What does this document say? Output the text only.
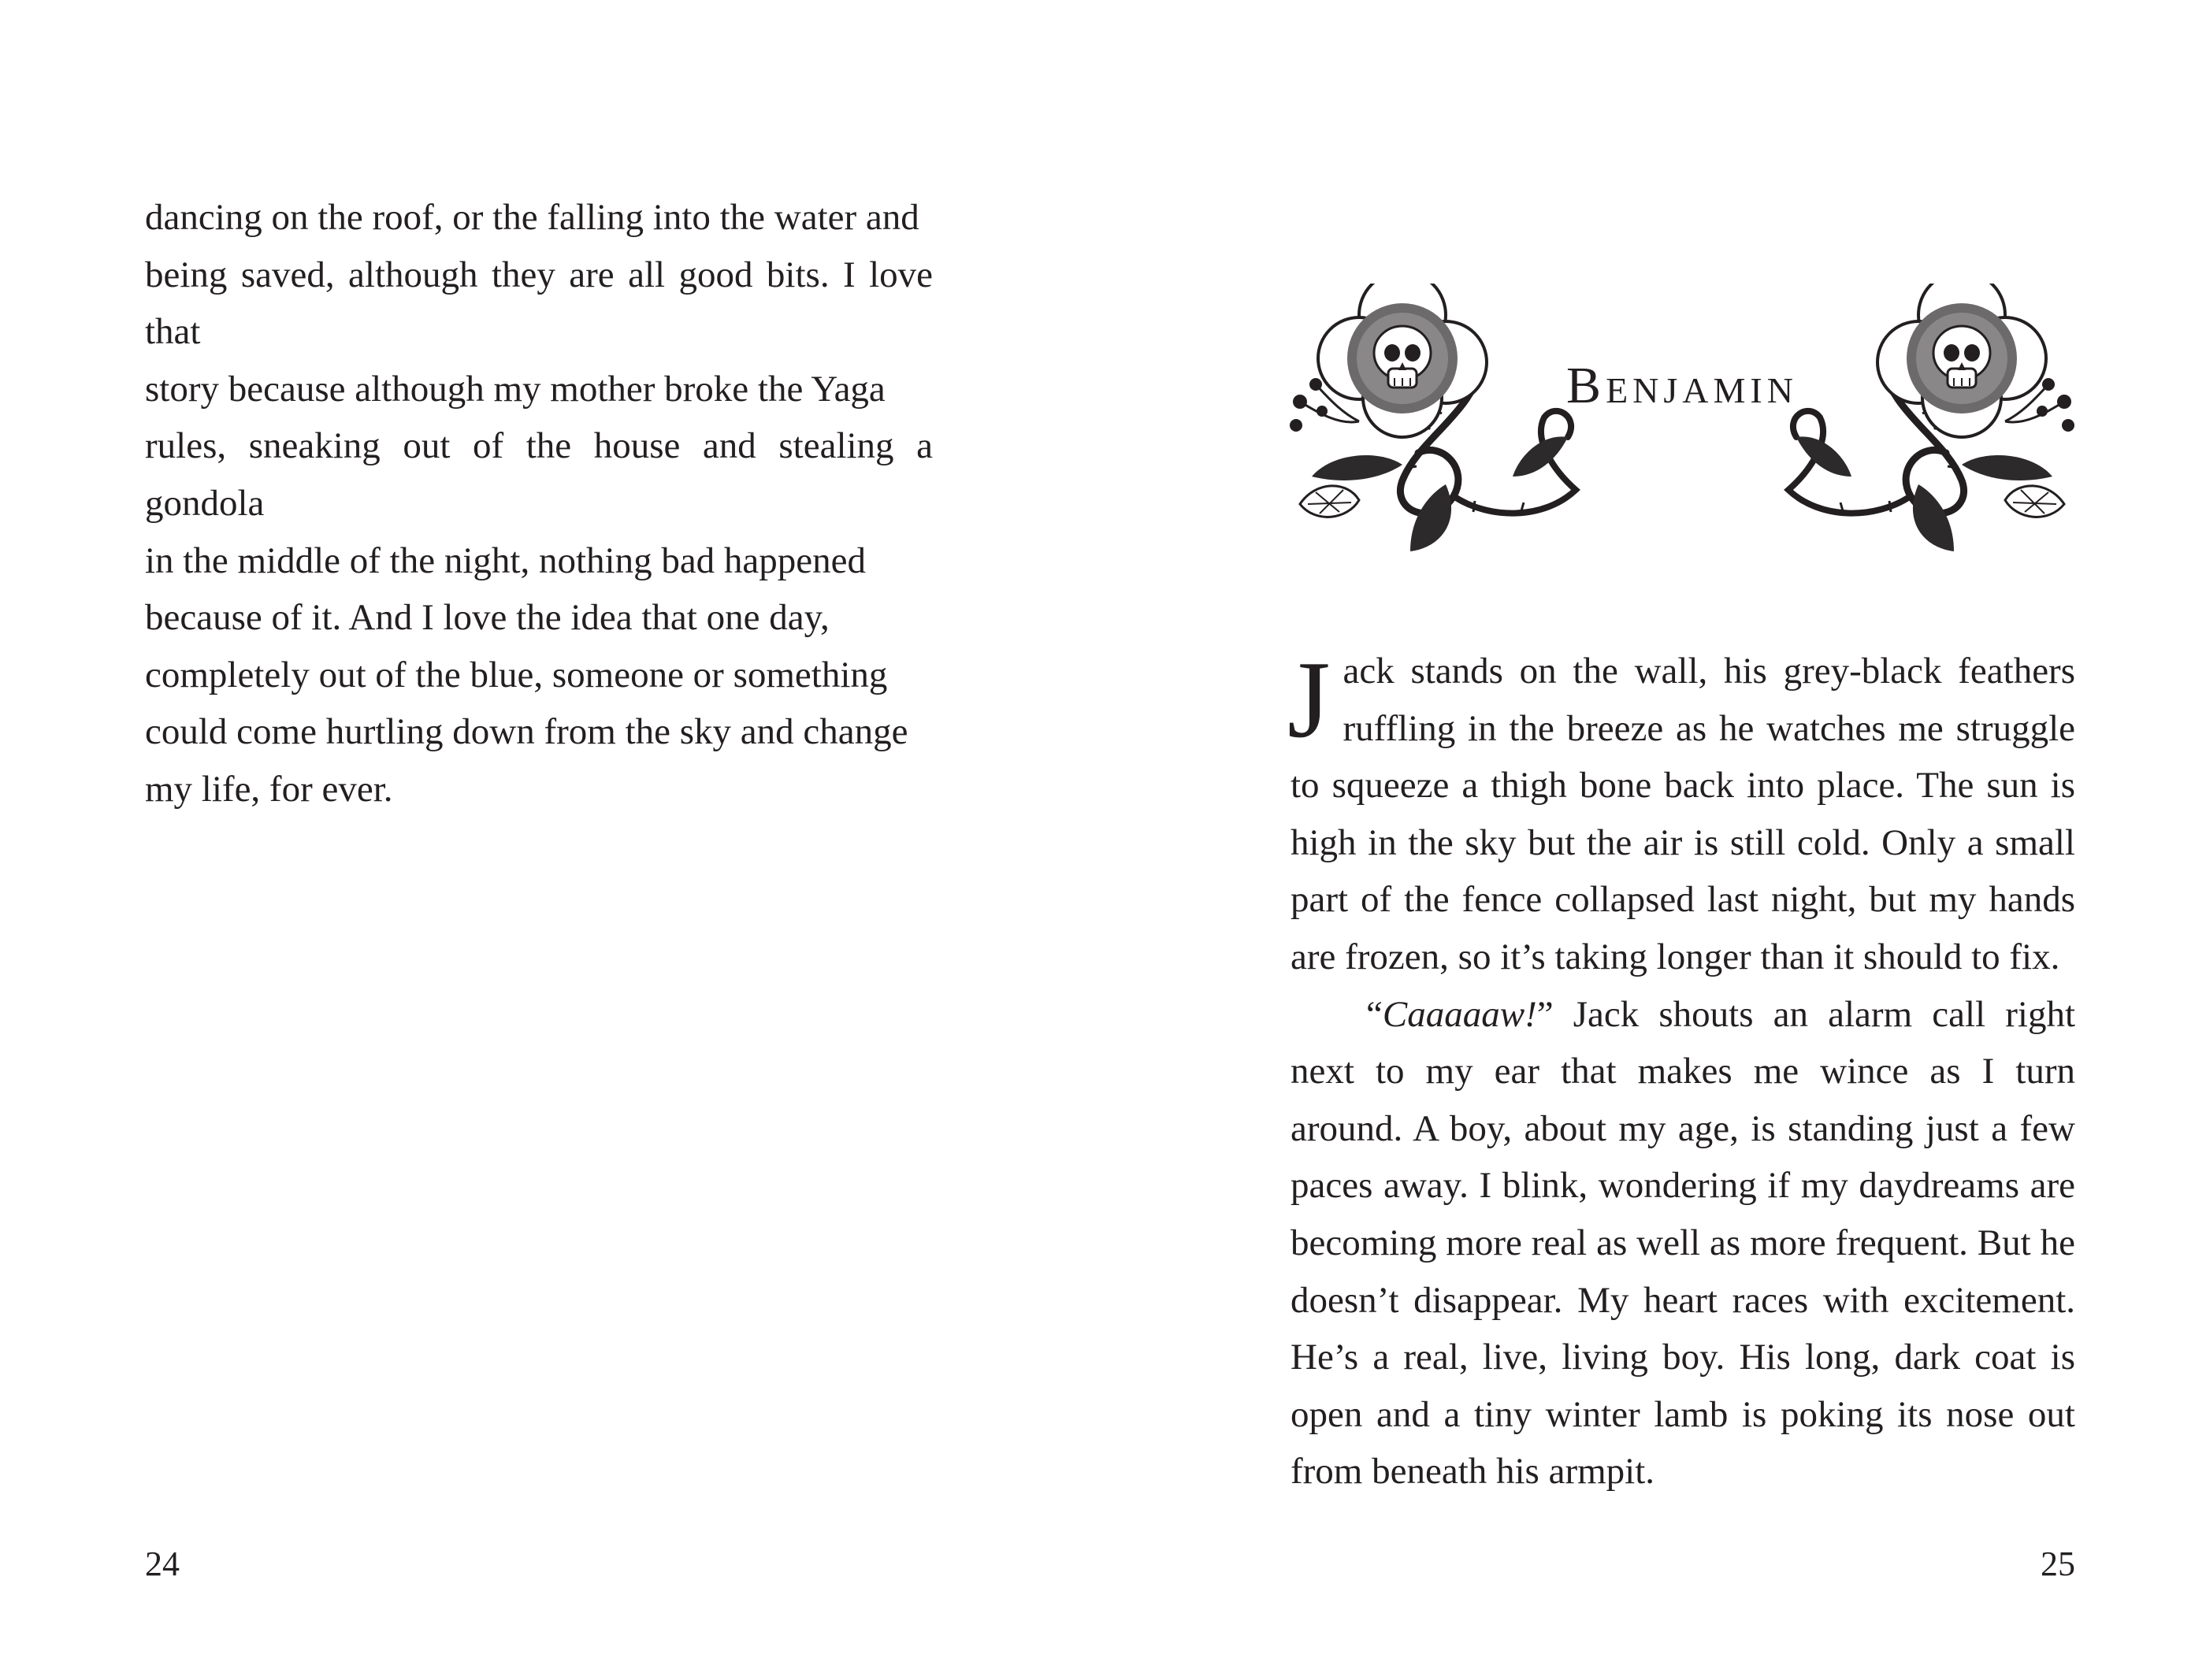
dancing on the roof, or the falling into the water and

being saved, although they are all good bits. I love that

story because although my mother broke the Yaga

rules, sneaking out of the house and stealing a gondola

in the middle of the night, nothing bad happened

because of it. And I love the idea that one day,

completely out of the blue, someone or something

could come hurtling down from the sky and change

my life, for ever.

24
Benjamin

Jack stands on the wall, his grey-black feathers ruffling in the breeze as he watches me struggle to squeeze a thigh bone back into place. The sun is high in the sky but the air is still cold. Only a small part of the fence collapsed last night, but my hands are frozen, so it’s taking longer than it should to fix.

“Caaaaaw!” Jack shouts an alarm call right next to my ear that makes me wince as I turn around. A boy, about my age, is standing just a few paces away. I blink, wondering if my daydreams are becoming more real as well as more frequent. But he doesn’t disappear. My heart races with excitement. He’s a real, live, living boy. His long, dark coat is open and a tiny winter lamb is poking its nose out from beneath his armpit.

25
